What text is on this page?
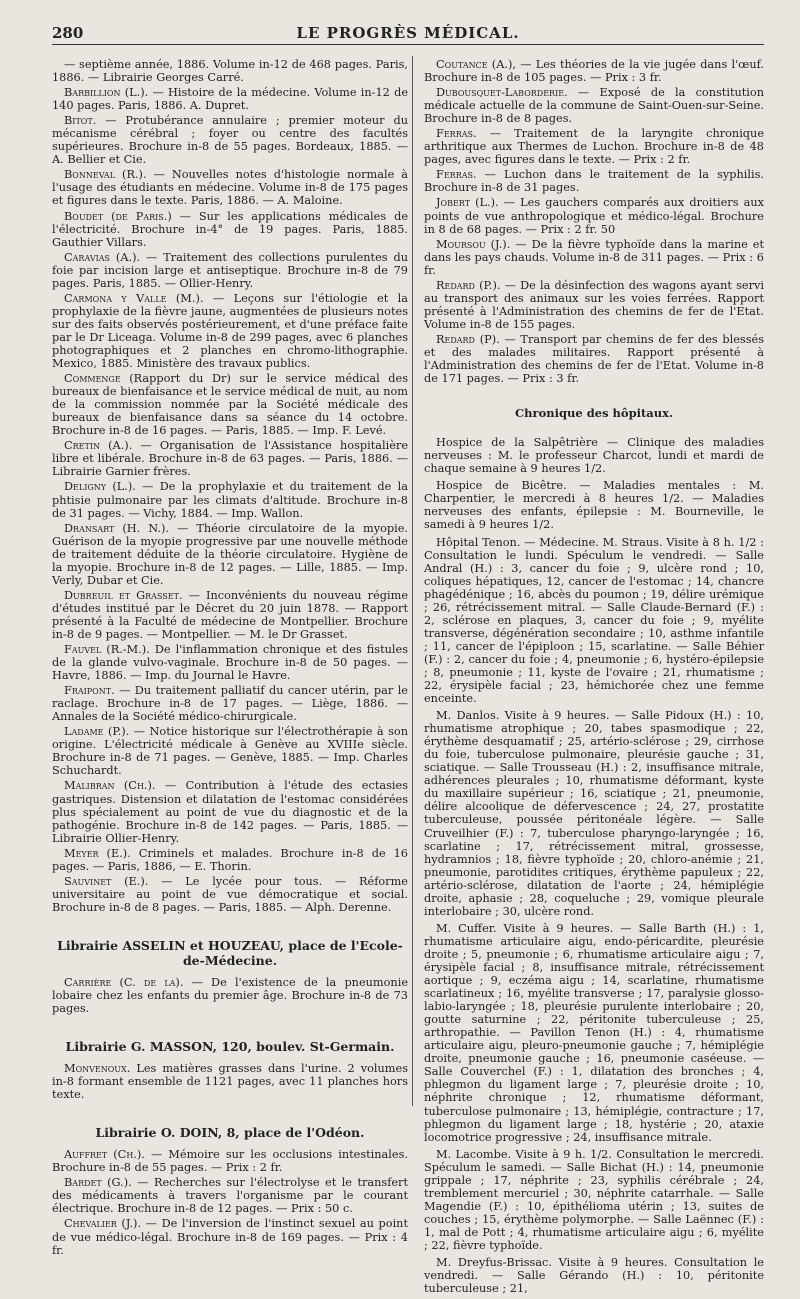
280	LE PROGRÈS MÉDICAL.

— septième année, 1886. Volume in-12 de 468 pages. Paris, 1886. — Librairie Georges Carré.

Barbillion (L.). — Histoire de la médecine. Volume in-12 de 140 pages. Paris, 1886. A. Dupret.

Bitot. — Protubérance annulaire ; premier moteur du mécanisme cérébral ; foyer ou centre des facultés supérieures. Brochure in-8 de 55 pages. Bordeaux, 1885. — A. Bellier et Cie.

Bonneval (R.). — Nouvelles notes d'histologie normale à l'usage des étudiants en médecine. Volume in-8 de 175 pages et figures dans le texte. Paris, 1886. — A. Maloine.

Boudet (de Paris.) — Sur les applications médicales de l'électricité. Brochure in-4° de 19 pages. Paris, 1885. Gauthier Villars.

Caravias (A.). — Traitement des collections purulentes du foie par incision large et antiseptique. Brochure in-8 de 79 pages. Paris, 1885. — Ollier-Henry.

Carmona y Valle (M.). — Leçons sur l'étiologie et la prophylaxie de la fièvre jaune, augmentées de plusieurs notes sur des faits observés postérieurement, et d'une préface faite par le Dr Liceaga. Volume in-8 de 299 pages, avec 6 planches photographiques et 2 planches en chromo-lithographie. Mexico, 1885. Ministère des travaux publics.

Commenge (Rapport du Dr) sur le service médical des bureaux de bienfaisance et le service médical de nuit, au nom de la commission nommée par la Société médicale des bureaux de bienfaisance dans sa séance du 14 octobre. Brochure in-8 de 16 pages. — Paris, 1885. — Imp. F. Levé.

Cretin (A.). — Organisation de l'Assistance hospitalière libre et libérale. Brochure in-8 de 63 pages. — Paris, 1886. — Librairie Garnier frères.

Deligny (L.). — De la prophylaxie et du traitement de la phtisie pulmonaire par les climats d'altitude. Brochure in-8 de 31 pages. — Vichy, 1884. — Imp. Wallon.

Dransart (H. N.). — Théorie circulatoire de la myopie. Guérison de la myopie progressive par une nouvelle méthode de traitement déduite de la théorie circulatoire. Hygiène de la myopie. Brochure in-8 de 12 pages. — Lille, 1885. — Imp. Verly, Dubar et Cie.

Dubreuil et Grasset. — Inconvénients du nouveau régime d'études institué par le Décret du 20 juin 1878. — Rapport présenté à la Faculté de médecine de Montpellier. Brochure in-8 de 9 pages. — Montpellier. — M. le Dr Grasset.

Fauvel (R.-M.). De l'inflammation chronique et des fistules de la glande vulvo-vaginale. Brochure in-8 de 50 pages. — Havre, 1886. — Imp. du Journal le Havre.

Fraipont. — Du traitement palliatif du cancer utérin, par le raclage. Brochure in-8 de 17 pages. — Liège, 1886. — Annales de la Société médico-chirurgicale.

Ladame (P.). — Notice historique sur l'électrothérapie à son origine. L'électricité médicale à Genève au XVIIIe siècle. Brochure in-8 de 71 pages. — Genève, 1885. — Imp. Charles Schuchardt.

Malibran (Ch.). — Contribution à l'étude des ectasies gastriques. Distension et dilatation de l'estomac considérées plus spécialement au point de vue du diagnostic et de la pathogénie. Brochure in-8 de 142 pages. — Paris, 1885. — Librairie Ollier-Henry.

Meyer (E.). Criminels et malades. Brochure in-8 de 16 pages. — Paris, 1886, — E. Thorin.

Sauvinet (E.). — Le lycée pour tous. — Réforme universitaire au point de vue démocratique et social. Brochure in-8 de 8 pages. — Paris, 1885. — Alph. Derenne.

Librairie ASSELIN et HOUZEAU, place de l'Ecole-de-Médecine.

Carrière (C. de la). — De l'existence de la pneumonie lobaire chez les enfants du premier âge. Brochure in-8 de 73 pages.

Librairie G. MASSON, 120, boulev. St-Germain.

Monvenoux. Les matières grasses dans l'urine. 2 volumes in-8 formant ensemble de 1121 pages, avec 11 planches hors texte.

Librairie O. DOIN, 8, place de l'Odéon.

Auffret (Ch.). — Mémoire sur les occlusions intestinales. Brochure in-8 de 55 pages. — Prix : 2 fr.

Bardet (G.). — Recherches sur l'électrolyse et le transfert des médicaments à travers l'organisme par le courant électrique. Brochure in-8 de 12 pages. — Prix : 50 c.

Chevalier (J.). — De l'inversion de l'instinct sexuel au point de vue médico-légal. Brochure in-8 de 169 pages. — Prix : 4 fr.

Coutance (A.), — Les théories de la vie jugée dans l'œuf. Brochure in-8 de 105 pages. — Prix : 3 fr.

Dubousquet-Laborderie. — Exposé de la constitution médicale actuelle de la commune de Saint-Ouen-sur-Seine. Brochure in-8 de 8 pages.

Ferras. — Traitement de la laryngite chronique arthritique aux Thermes de Luchon. Brochure in-8 de 48 pages, avec figures dans le texte. — Prix : 2 fr.

Ferras. — Luchon dans le traitement de la syphilis. Brochure in-8 de 31 pages.

Jobert (L.). — Les gauchers comparés aux droitiers aux points de vue anthropologique et médico-légal. Brochure in 8 de 68 pages. — Prix : 2 fr. 50

Moursou (J.). — De la fièvre typhoïde dans la marine et dans les pays chauds. Volume in-8 de 311 pages. — Prix : 6 fr.

Redard (P.). — De la désinfection des wagons ayant servi au transport des animaux sur les voies ferrées. Rapport présenté à l'Administration des chemins de fer de l'Etat. Volume in-8 de 155 pages.

Redard (P). — Transport par chemins de fer des blessés et des malades militaires. Rapport présenté à l'Administration des chemins de fer de l'Etat. Volume in-8 de 171 pages. — Prix : 3 fr.

Chronique des hôpitaux.

Hospice de la Salpêtrière — Clinique des maladies nerveuses : M. le professeur Charcot, lundi et mardi de chaque semaine à 9 heures 1/2.

Hospice de Bicêtre. — Maladies mentales : M. Charpentier, le mercredi à 8 heures 1/2. — Maladies nerveuses des enfants, épilepsie : M. Bourneville, le samedi à 9 heures 1/2.

Hôpital Tenon. — Médecine. M. Straus. Visite à 8 h. 1/2 : Consultation le lundi. Spéculum le vendredi. — Salle Andral (H.) : 3, cancer du foie ; 9, ulcère rond ; 10, coliques hépatiques, 12, cancer de l'estomac ; 14, chancre phagédénique ; 16, abcès du poumon ; 19, délire urémique ; 26, rétrécissement mitral. — Salle Claude-Bernard (F.) : 2, sclérose en plaques, 3, cancer du foie ; 9, myélite transverse, dégénération secondaire ; 10, asthme infantile ; 11, cancer de l'épiploon ; 15, scarlatine. — Salle Béhier (F.) : 2, cancer du foie ; 4, pneumonie ; 6, hystéro-épilepsie ; 8, pneumonie ; 11, kyste de l'ovaire ; 21, rhumatisme ; 22, érysipèle facial ; 23, hémichorée chez une femme enceinte.

M. Danlos. Visite à 9 heures. — Salle Pidoux (H.) : 10, rhumatisme atrophique ; 20, tabes spasmodique ; 22, érythème desquamatif ; 25, artério-sclérose ; 29, cirrhose du foie, tuberculose pulmonaire, pleurésie gauche ; 31, sciatique. — Salle Trousseau (H.) : 2, insuffisance mitrale, adhérences pleurales ; 10, rhumatisme déformant, kyste du maxillaire supérieur ; 16, sciatique ; 21, pneumonie, délire alcoolique de défervescence ; 24, 27, prostatite tuberculeuse, poussée péritonéale légère. — Salle Cruveilhier (F.) : 7, tuberculose pharyngo-laryngée ; 16, scarlatine ; 17, rétrécissement mitral, grossesse, hydramnios ; 18, fièvre typhoïde ; 20, chloro-anémie ; 21, pneumonie, parotidites critiques, érythème papuleux ; 22, artério-sclérose, dilatation de l'aorte ; 24, hémiplégie droite, aphasie ; 28, coqueluche ; 29, vomique pleurale interlobaire ; 30, ulcère rond.

M. Cuffer. Visite à 9 heures. — Salle Barth (H.) : 1, rhumatisme articulaire aigu, endo-péricardite, pleurésie droite ; 5, pneumonie ; 6, rhumatisme articulaire aigu ; 7, érysipèle facial ; 8, insuffisance mitrale, rétrécissement aortique ; 9, eczéma aigu ; 14, scarlatine, rhumatisme scarlatineux ; 16, myélite transverse ; 17, paralysie glosso-labio-laryngée ; 18, pleurésie purulente interlobaire ; 20, goutte saturnine ; 22, péritonite tuberculeuse ; 25, arthropathie. — Pavillon Tenon (H.) : 4, rhumatisme articulaire aigu, pleuro-pneumonie gauche ; 7, hémiplégie droite, pneumonie gauche ; 16, pneumonie caséeuse. — Salle Couverchel (F.) : 1, dilatation des bronches ; 4, phlegmon du ligament large ; 7, pleurésie droite ; 10, néphrite chronique ; 12, rhumatisme déformant, tuberculose pulmonaire ; 13, hémiplégie, contracture ; 17, phlegmon du ligament large ; 18, hystérie ; 20, ataxie locomotrice progressive ; 24, insuffisance mitrale.

M. Lacombe. Visite à 9 h. 1/2. Consultation le mercredi. Spéculum le samedi. — Salle Bichat (H.) : 14, pneumonie grippale ; 17, néphrite ; 23, syphilis cérébrale ; 24, tremblement mercuriel ; 30, néphrite catarrhale. — Salle Magendie (F.) : 10, épithélioma utérin ; 13, suites de couches ; 15, érythème polymorphe. — Salle Laënnec (F.) : 1, mal de Pott ; 4, rhumatisme articulaire aigu ; 6, myélite ; 22, fièvre typhoïde.

M. Dreyfus-Brissac. Visite à 9 heures. Consultation le vendredi. — Salle Gérando (H.) : 10, péritonite tuberculeuse ; 21,
